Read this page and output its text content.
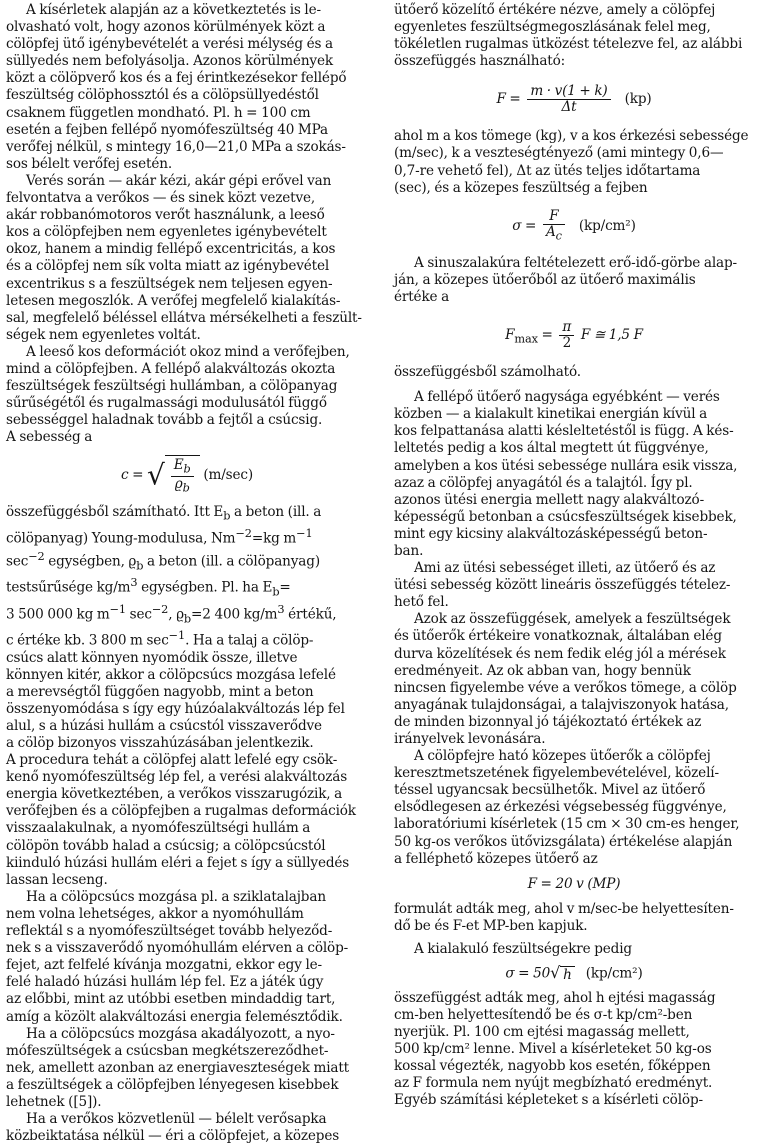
A kísérletek alapján az a következtetés is le-
olvasható volt, hogy azonos körülmények közt a
cölöpfej ütő igénybevételét a verési mélység és a
süllyedés nem befolyásolja. Azonos körülmények
közt a cölöpverő kos és a fej érintkezésekor fellépő
feszültség cölöphossztól és a cölöpsüllyedéstől
csaknem független mondható. Pl. h = 100 cm
esetén a fejben fellépő nyomófeszültség 40 MPa
verőfej nélkül, s mintegy 16,0—21,0 MPa a szokás-
sos bélelt verőfej esetén.
Verés során — akár kézi, akár gépi erővel van
felvontatva a verőkos — és sinek közt vezetve,
akár robbanómotoros verőt használunk, a leeső
kos a cölöpfejben nem egyenletes igénybevételt
okoz, hanem a mindig fellépő excentricitás, a kos
és a cölöpfej nem sík volta miatt az igénybevétel
excentrikus s a feszültségek nem teljesen egyen-
letesen megoszlók. A verőfej megfelelő kialakítás-
sal, megfelelő béléssel ellátva mérsékelheti a feszült-
ségek nem egyenletes voltát.
A leeső kos deformációt okoz mind a verőfejben,
mind a cölöpfejben. A fellépő alakváltozás okozta
feszültségek feszültségi hullámban, a cölöpanyag
sűrűségétől és rugalmassági modulusától függő
sebességgel haladnak tovább a fejtől a csúcsig.
A sebesség a
c = √ $\frac{E_b}{ϱ_b} (m/\sec)$
összefüggésből számítható. Itt $E_b$ a beton (ill. a
cölöpanyag) Young-modulusa, $Nm^{-2}=kg$ $m^{-1}$
$\sec^{-2}$ egységben, $ϱ_b$ a beton (ill. a cölöpanyag)
testsűrűsége $kg/m^3$ egységben. Pl. ha $E_b=$
3 500 000 kg $m^{-1}$ $\sec^{-2}$, $ϱ_b=2$ 400 $kg/m^3$ értékű,
c értéke kb. 3 800 m $\sec^{-1}$. Ha a talaj a cölöp-
csúcs alatt könnyen nyomódik össze, illetve
könnyen kitér, akkor a cölöpcsúcs mozgása lefelé
a merevségtől függően nagyobb, mint a beton
összenyomódása s így egy húzóalakváltozás lép fel
alul, s a húzási hullám a csúcstól visszaverődve
a cölöp bizonyos visszahúzásában jelentkezik.
A procedura tehát a cölöpfej alatt lefelé egy csök-
kenő nyomófeszültség lép fel, a verési alakváltozás
energia következtében, a verőkos visszarugózik, a
verőfejben és a cölöpfejben a rugalmas deformációk
visszaalakulnak, a nyomófeszültségi hullám a
cölöpön tovább halad a csúcsig; a cölöpcsúcstól
kiinduló húzási hullám eléri a fejet s így a süllyedés
lassan lecseng.
Ha a cölöpcsúcs mozgása pl. a sziklatalajban
nem volna lehetséges, akkor a nyomóhullám
reflektál s a nyomófeszültséget tovább helyeződ-
nek s a visszaverődő nyomóhullám elérven a cölöp-
fejet, azt felfelé kívánja mozgatni, ekkor egy le-
felé haladó húzási hullám lép fel. Ez a játék úgy
az előbbi, mint az utóbbi esetben mindaddig tart,
amíg a közölt alakváltozási energia felemésztődik.
Ha a cölöpcsúcs mozgása akadályozott, a nyo-
mófeszültségek a csúcsban megkétszereződhet-
nek, amellett azonban az energiaveszteségek miatt
a feszültségek a cölöpfejben lényegesen kisebbek
lehetnek ([5]).
Ha a verőkos közvetlenül — bélelt verősapka
közbeiktatása nélkül — éri a cölöpfejet, a közepes
ütőerő közelítő értékére nézve, amely a cölöpfej
egyenletes feszültségmegoszlásának felel meg,
tökéletlen rugalmas ütközést tételezve fel, az alábbi
összefüggés használható:
$F = \frac{m \cdot v(1 + k)}{\Delta t} (kp)$
ahol m a kos tömege (kg), v a kos érkezési sebessége
(m/sec), k a veszteségtényező (ami mintegy 0,6—
0,7-re vehető fel), Δt az ütés teljes időtartama
(sec), és a közepes feszültség a fejben
$\sigma = \frac{F}{A_c} (kp/cm^2)$
A sinuszalakúra feltételezett erő-idő-görbe alap-
ján, a közepes ütőerőből az ütőerő maximális
értéke a
$F_{max} = \frac{\pi}{2}$ F ≅ 1,5 F
összefüggésből számolható.
A fellépő ütőerő nagysága egyébként — verés
közben — a kialakult kinetikai energián kívül a
kos felpattanása alatti késleltetéstől is függ. A kés-
leltetés pedig a kos által megtett út függvénye,
amelyben a kos ütési sebessége nullára esik vissza,
azaz a cölöpfej anyagától és a talajtól. Így pl.
azonos ütési energia mellett nagy alakváltozó-
képességű betonban a csúcsfeszültségek kisebbek,
mint egy kicsiny alakváltozásképességű beton-
ban.
Ami az ütési sebességet illeti, az ütőerő és az
ütési sebesség között lineáris összefüggés tételez-
hető fel.
Azok az összefüggések, amelyek a feszültségek
és ütőerők értékeire vonatkoznak, általában elég
durva közelítések és nem fedik elég jól a mérések
eredményeit. Az ok abban van, hogy bennük
nincsen figyelembe véve a verőkos tömege, a cölöp
anyagának tulajdonságai, a talajviszonyok hatása,
de minden bizonnyal jó tájékoztató értékek az
irányelvek levonására.
A cölöpfejre ható közepes ütőerők a cölöpfej
keresztmetszetének figyelembevételével, közelí-
téssel ugyancsak becsülhetők. Mivel az ütőerő
elsődlegesen az érkezési végsebesség függvénye,
laboratóriumi kísérletek (15 cm × 30 cm-es henger,
50 kg-os verőkos ütővizsgálata) értékelése alapján
a felléphető közepes ütőerő az
F = 20 v (MP)
formulát adták meg, ahol v m/sec-be helyettesíten-
dő be és F-et MP-ben kapjuk.
A kialakuló feszültségekre pedig
σ = 50√ h (kp/cm²)
összefüggést adták meg, ahol h ejtési magasság
cm-ben helyettesítendő be és σ-t kp/cm²-ben
nyerjük. Pl. 100 cm ejtési magasság mellett,
500 kp/cm² lenne. Mivel a kísérleteket 50 kg-os
kossal végezték, nagyobb kos esetén, főképpen
az F formula nem nyújt megbízható eredményt.
Egyéb számítási képleteket s a kísérleti cölöp-
